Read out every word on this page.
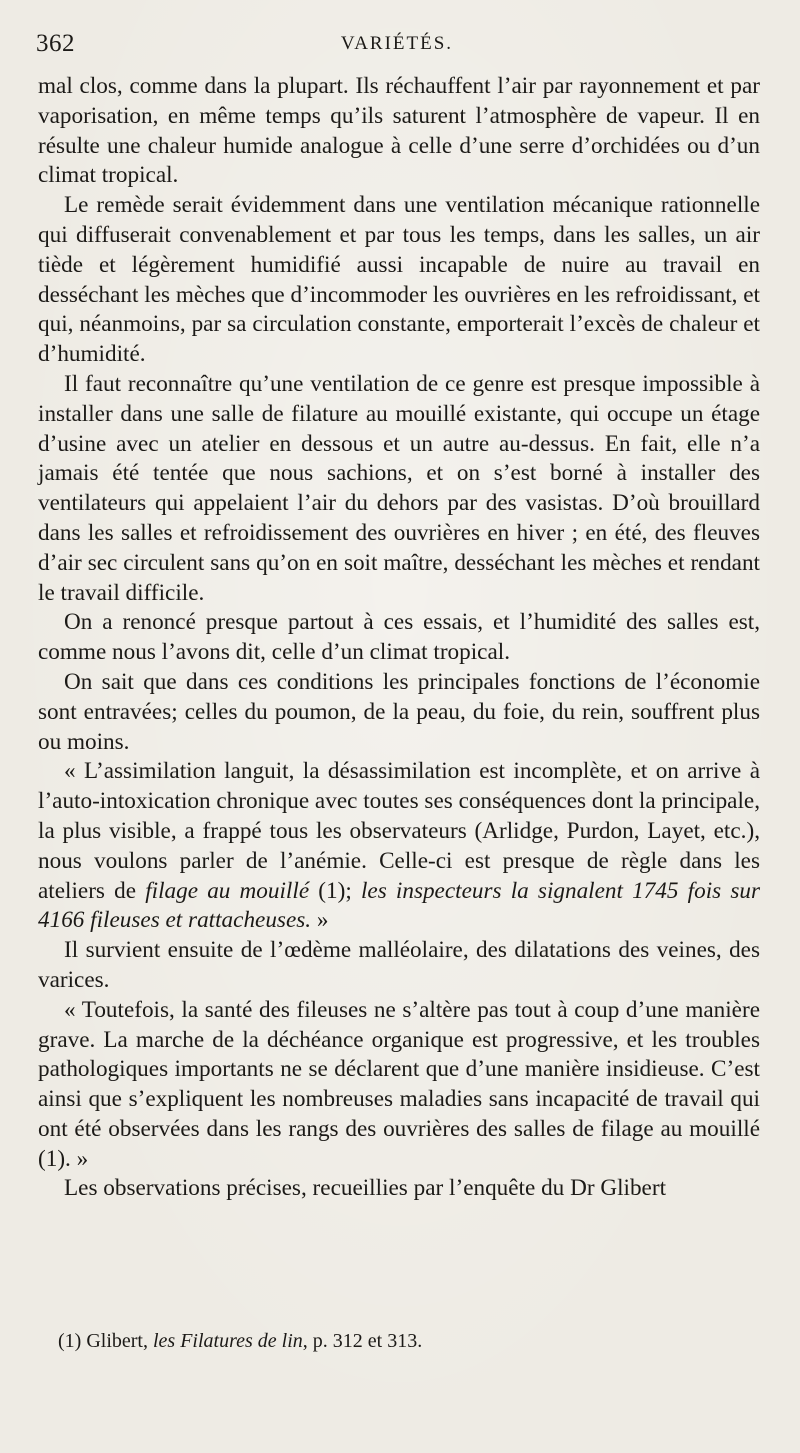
362	VARIÉTÉS.

mal clos, comme dans la plupart. Ils réchauffent l’air par rayonnement et par vaporisation, en même temps qu’ils saturent l’atmosphère de vapeur. Il en résulte une chaleur humide analogue à celle d’une serre d’orchidées ou d’un climat tropical.

Le remède serait évidemment dans une ventilation mécanique rationnelle qui diffuserait convenablement et par tous les temps, dans les salles, un air tiède et légèrement humidifié aussi incapable de nuire au travail en desséchant les mèches que d’incommoder les ouvrières en les refroidissant, et qui, néanmoins, par sa circulation constante, emporterait l’excès de chaleur et d’humidité.

Il faut reconnaître qu’une ventilation de ce genre est presque impossible à installer dans une salle de filature au mouillé existante, qui occupe un étage d’usine avec un atelier en dessous et un autre au-dessus. En fait, elle n’a jamais été tentée que nous sachions, et on s’est borné à installer des ventilateurs qui appelaient l’air du dehors par des vasistas. D’où brouillard dans les salles et refroidissement des ouvrières en hiver ; en été, des fleuves d’air sec circulent sans qu’on en soit maître, desséchant les mèches et rendant le travail difficile.

On a renoncé presque partout à ces essais, et l’humidité des salles est, comme nous l’avons dit, celle d’un climat tropical.

On sait que dans ces conditions les principales fonctions de l’économie sont entravées; celles du poumon, de la peau, du foie, du rein, souffrent plus ou moins.

« L’assimilation languit, la désassimilation est incomplète, et on arrive à l’auto-intoxication chronique avec toutes ses conséquences dont la principale, la plus visible, a frappé tous les observateurs (Arlidge, Purdon, Layet, etc.), nous voulons parler de l’anémie. Celle-ci est presque de règle dans les ateliers de filage au mouillé (1); les inspecteurs la signalent 1745 fois sur 4166 fileuses et rattacheuses. »

Il survient ensuite de l’œdème malléolaire, des dilatations des veines, des varices.

« Toutefois, la santé des fileuses ne s’altère pas tout à coup d’une manière grave. La marche de la déchéance organique est progressive, et les troubles pathologiques importants ne se déclarent que d’une manière insidieuse. C’est ainsi que s’expliquent les nombreuses maladies sans incapacité de travail qui ont été observées dans les rangs des ouvrières des salles de filage au mouillé (1). »

Les observations précises, recueillies par l’enquête du Dr Glibert

(1) Glibert, les Filatures de lin, p. 312 et 313.
